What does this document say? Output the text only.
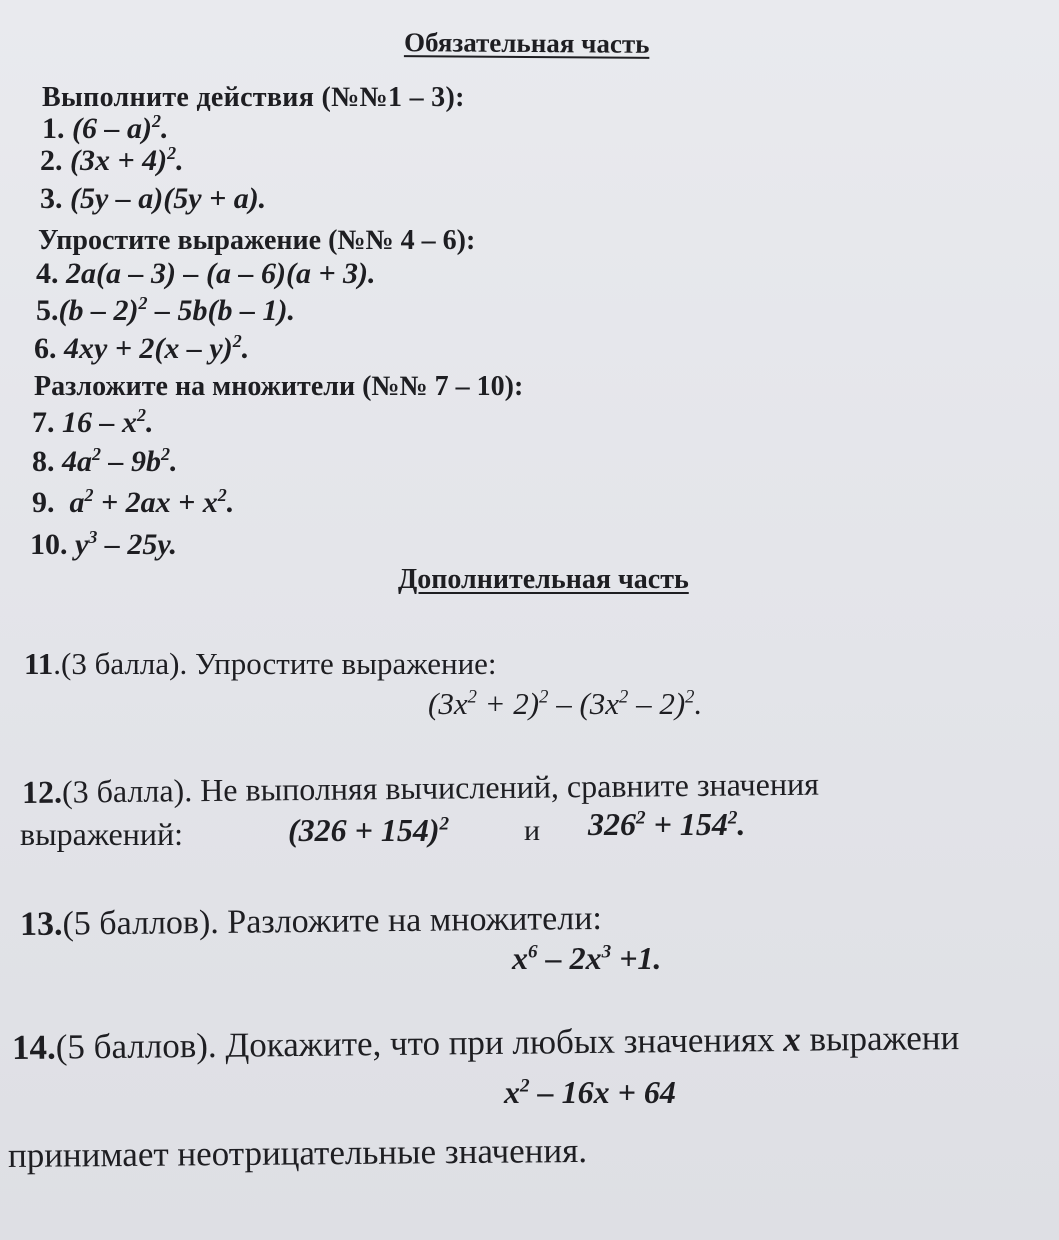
Обязательная часть
Выполните действия (№№1 – 3):
1. (6 – a)$^2$.
2. $(3x + 4)^2$.
3. (5y – a)(5y + a).
Упростите выражение (№№ 4 – 6):
4. 2a(a – 3) – (a – 6)(a + 3).
5.(b – 2)$^2$ – 5b(b – 1).
6. 4xy + 2(x – y)$^2$.
Разложите на множители (№№ 7 – 10):
7. $16 - x^2$.
8. $4a^2 - 9b^2$.
9. $a^2 + 2ax + x^2$.
10. $y^3 - 25y$.
Дополнительная часть
11.(3 балла). Упростите выражение:
$(3x^2 + 2)^2 - (3x^2 - 2)^2$.
12.(3 балла). Не выполняя вычислений, сравните значения
выражений:	$(326 + 154)^2$ и $326^2 + 154^2$.
13.(5 баллов). Разложите на множители:
$x^6 - 2x^3 +1$.
14.(5 баллов). Докажите, что при любых значениях x выражени
$x^2 - 16x + 64$
принимает неотрицательные значения.
